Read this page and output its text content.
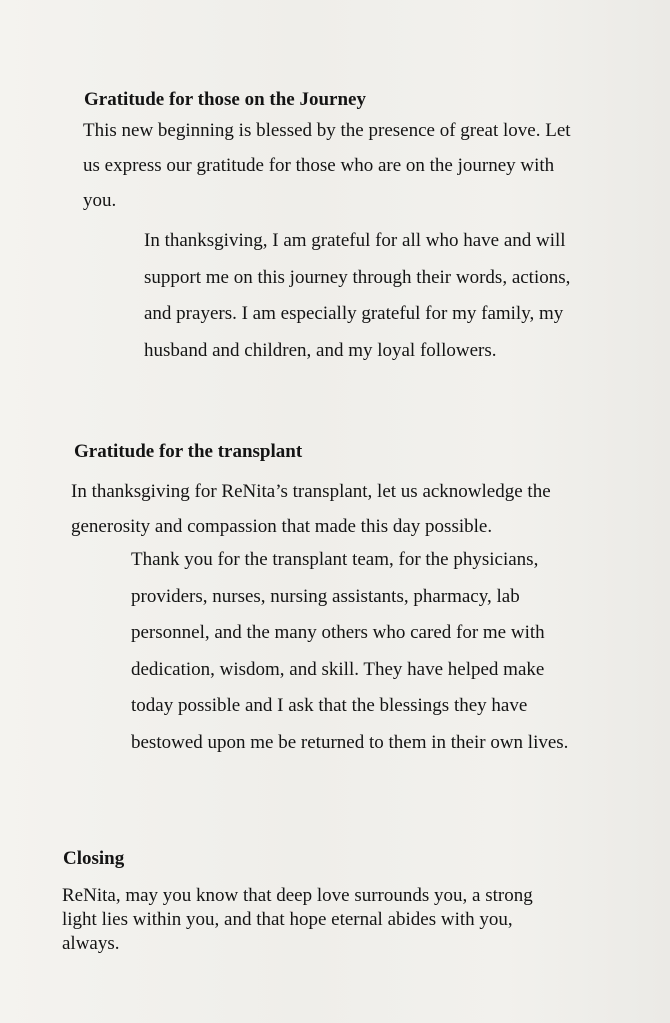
Gratitude for those on the Journey

This new beginning is blessed by the presence of great love. Let
us express our gratitude for those who are on the journey with
you.

In thanksgiving, I am grateful for all who have and will
support me on this journey through their words, actions,
and prayers. I am especially grateful for my family, my
husband and children, and my loyal followers.

Gratitude for the transplant

In thanksgiving for ReNita’s transplant, let us acknowledge the
generosity and compassion that made this day possible.

Thank you for the transplant team, for the physicians,
providers, nurses, nursing assistants, pharmacy, lab
personnel, and the many others who cared for me with
dedication, wisdom, and skill. They have helped make
today possible and I ask that the blessings they have
bestowed upon me be returned to them in their own lives.

Closing

ReNita, may you know that deep love surrounds you, a strong
light lies within you, and that hope eternal abides with you,
always.
